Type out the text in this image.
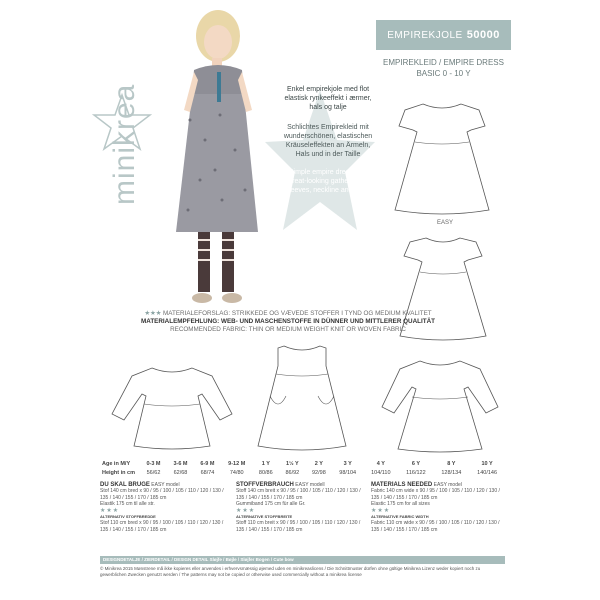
minikrea
EMPIREKJOLE 50000
EMPIREKLEID / EMPIRE DRESS
BASIC 0 - 10 Y
Enkel empirekjole med flot elastisk rynkeeffekt i ærmer, hals og talje
Schlichtes Empirekleid mit wunderschönen, elastischen Kräuseleffekten an Ärmeln, Hals und in der Taille
Simple empire dress with great-looking gathering at sleeves, neckline and waist
EASY
★★★ MATERIALEFORSLAG: STRIKKEDE OG VÆVEDE STOFFER I TYND OG MEDIUM KVALITET
MATERIALEMPFEHLUNG: WEB- UND MASCHENSTOFFE IN DÜNNER UND MITTLERER QUALITÄT
RECOMMENDED FABRIC: THIN OR MEDIUM WEIGHT KNIT OR WOVEN FABRIC
Age in M/Y	0-3 M	3-6 M	6-9 M	9-12 M	1 Y	1½ Y	2 Y	3 Y	4 Y	6 Y	8 Y	10 Y
Height in cm	56/62	62/68	68/74	74/80	80/86	86/92	92/98	98/104	104/110	116/122	128/134	140/146
DU SKAL BRUGE EASY model
Stof 140 cm bred x 90 / 95 / 100 / 105 / 110 / 120 / 130 / 135 / 140 / 155 / 170 / 185 cm
Elastik 175 cm til alle str.
★★★
ALTERNATIV STOFFBREDDE
Stof 110 cm bred x 90 / 95 / 100 / 105 / 110 / 120 / 130 / 135 / 140 / 155 / 170 / 185 cm
STOFFVERBRAUCH EASY modell
Stoff 140 cm breit x 90 / 95 / 100 / 105 / 110 / 120 / 130 / 135 / 140 / 155 / 170 / 185 cm
Gummiband 175 cm für alle Gr.
★★★
ALTERNATIVE STOFFBREITE
Stoff 110 cm breit x 90 / 95 / 100 / 105 / 110 / 120 / 130 / 135 / 140 / 155 / 170 / 185 cm
MATERIALS NEEDED EASY model
Fabric 140 cm wide x 90 / 95 / 100 / 105 / 110 / 120 / 130 / 135 / 140 / 155 / 170 / 185 cm
Elastic 175 cm for all sizes
★★★
ALTERNATIVE FABRIC WIDTH
Fabric 110 cm wide x 90 / 95 / 100 / 105 / 110 / 120 / 130 / 135 / 140 / 155 / 170 / 185 cm
DESIGNDETALJE / ZIERDETAIL / DESIGN DETAIL Sløjfe / Bøjle / Sløjfer Bogen / Cute bow
© Minikrea 2015 Mønstrene må ikke kopieres eller anvendes i erhvervsmæssig øjemed uden en minikreaslicens / Die Schnittmuster dürfen ohne gültige Minikrea Lizenz weder kopiert noch zu gewerblichen Zwecken genutzt werden / The patterns may not be copied or otherwise used commercially without a minikrea license
